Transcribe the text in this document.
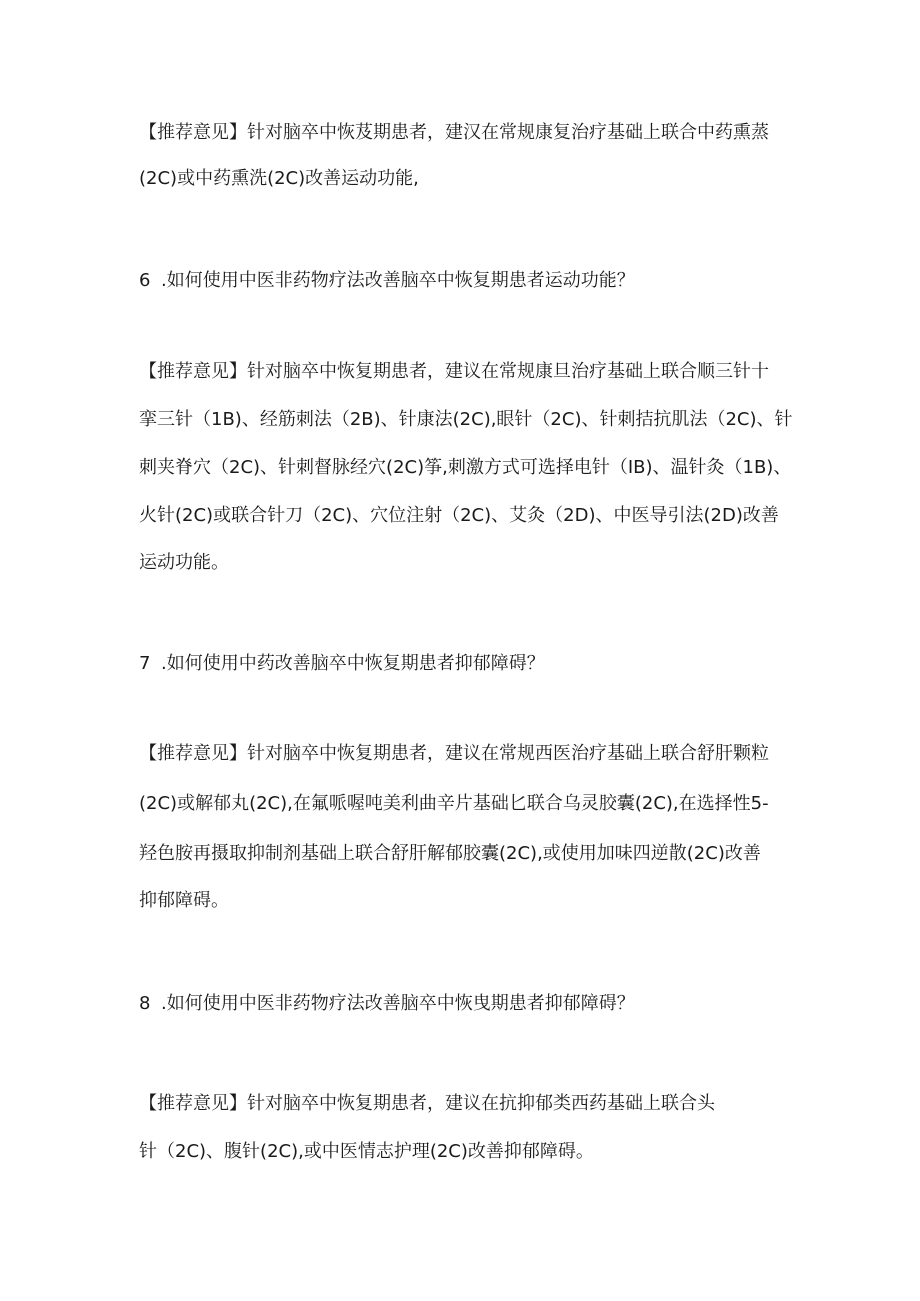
【推荐意见】针对脑卒中恢芨期患者，建汉在常规康复治疗基础上联合中药熏蒸
(2C)或中药熏洗(2C)改善运动功能,
6 .如何使用中医非药物疗法改善脑卒中恢复期患者运动功能？
【推荐意见】针对脑卒中恢复期患者，建议在常规康旦治疗基础上联合顺三针十
挛三针（1B)、经筋刺法（2B)、针康法(2C),眼针（2C)、针刺拮抗肌法（2C)、针
刺夹脊穴（2C)、针刺督脉经穴(2C)筝,刺激方式可选择电针（IB)、温针灸（1B)、
火针(2C)或联合针刀（2C)、穴位注射（2C)、艾灸（2D)、中医导引法(2D)改善
运动功能。
7 .如何使用中药改善脑卒中恢复期患者抑郁障碍？
【推荐意见】针对脑卒中恢复期患者，建议在常规西医治疗基础上联合舒肝颗粒
(2C)或解郁丸(2C),在氟哌喔吨美利曲辛片基础匕联合乌灵胶囊(2C),在选择性5-
羟色胺再摄取抑制剂基础上联合舒肝解郁胶囊(2C),或使用加味四逆散(2C)改善
抑郁障碍。
8 .如何使用中医非药物疗法改善脑卒中恢曳期患者抑郁障碍？
【推荐意见】针对脑卒中恢复期患者，建议在抗抑郁类西药基础上联合头
针（2C)、腹针(2C),或中医情志护理(2C)改善抑郁障碍。
